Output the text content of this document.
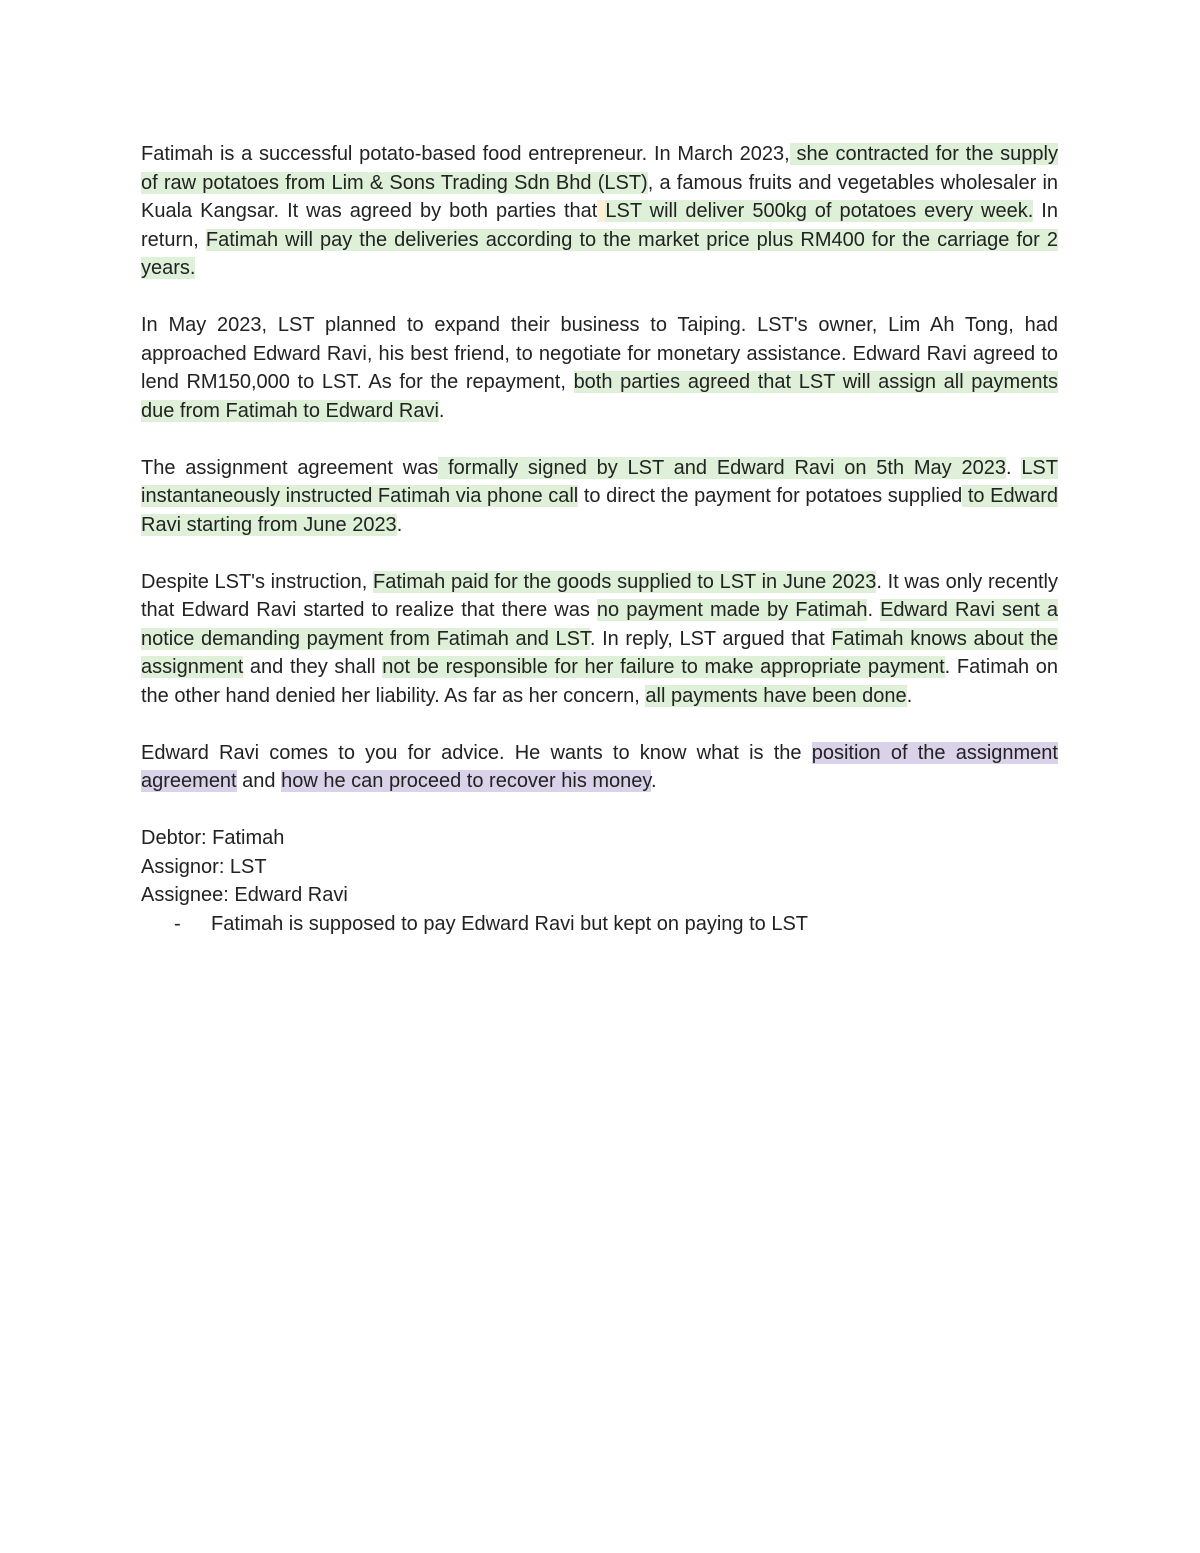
Fatimah is a successful potato-based food entrepreneur. In March 2023, she contracted for the supply of raw potatoes from Lim & Sons Trading Sdn Bhd (LST), a famous fruits and vegetables wholesaler in Kuala Kangsar. It was agreed by both parties that LST will deliver 500kg of potatoes every week. In return, Fatimah will pay the deliveries according to the market price plus RM400 for the carriage for 2 years.

In May 2023, LST planned to expand their business to Taiping. LST's owner, Lim Ah Tong, had approached Edward Ravi, his best friend, to negotiate for monetary assistance. Edward Ravi agreed to lend RM150,000 to LST. As for the repayment, both parties agreed that LST will assign all payments due from Fatimah to Edward Ravi.

The assignment agreement was formally signed by LST and Edward Ravi on 5th May 2023. LST instantaneously instructed Fatimah via phone call to direct the payment for potatoes supplied to Edward Ravi starting from June 2023.

Despite LST's instruction, Fatimah paid for the goods supplied to LST in June 2023. It was only recently that Edward Ravi started to realize that there was no payment made by Fatimah. Edward Ravi sent a notice demanding payment from Fatimah and LST. In reply, LST argued that Fatimah knows about the assignment and they shall not be responsible for her failure to make appropriate payment. Fatimah on the other hand denied her liability. As far as her concern, all payments have been done.

Edward Ravi comes to you for advice. He wants to know what is the position of the assignment agreement and how he can proceed to recover his money.

Debtor: Fatimah

Assignor: LST

Assignee: Edward Ravi

- Fatimah is supposed to pay Edward Ravi but kept on paying to LST
